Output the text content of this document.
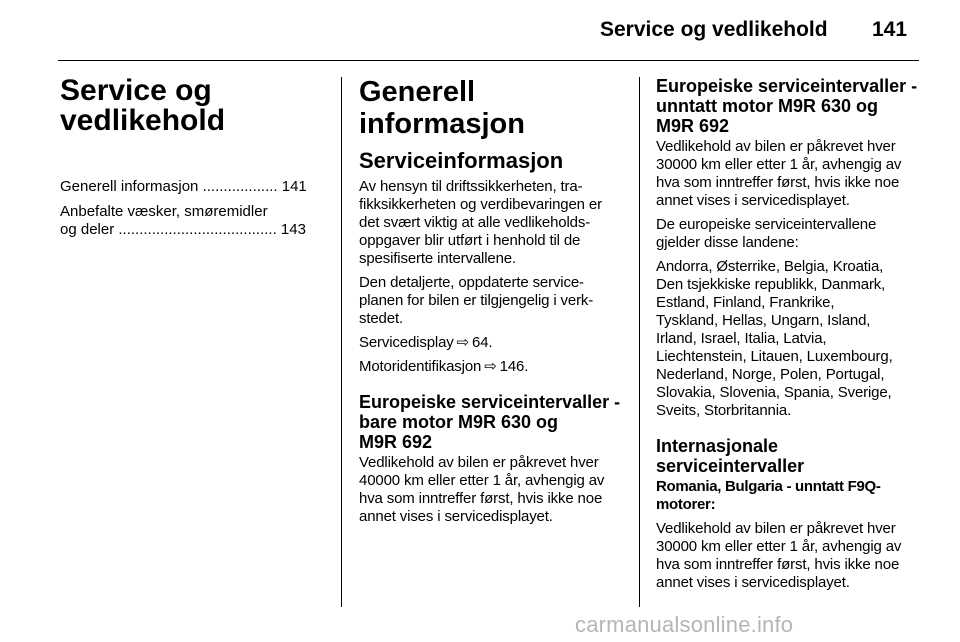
Service og vedlikehold 141
Service og
vedlikehold

Generell informasjon .................. 141

Anbefalte væsker, smøremidler
og deler ...................................... 143

Generell informasjon
Serviceinformasjon

Av hensyn til driftssikkerheten, tra-
fikksikkerheten og verdibevaringen er
det svært viktig at alle vedlikeholds-
oppgaver blir utført i henhold til de
spesifiserte intervallene.

Den detaljerte, oppdaterte service-
planen for bilen er tilgjengelig i verk-
stedet.

Servicedisplay ⇨ 64.

Motoridentifikasjon ⇨ 146.

Europeiske serviceintervaller -
bare motor M9R 630 og
M9R 692

Vedlikehold av bilen er påkrevet hver
40000 km eller etter 1 år, avhengig av
hva som inntreffer først, hvis ikke noe
annet vises i servicedisplayet.

Europeiske serviceintervaller -
unntatt motor M9R 630 og
M9R 692

Vedlikehold av bilen er påkrevet hver
30000 km eller etter 1 år, avhengig av
hva som inntreffer først, hvis ikke noe
annet vises i servicedisplayet.

De europeiske serviceintervallene
gjelder disse landene:

Andorra, Østerrike, Belgia, Kroatia,
Den tsjekkiske republikk, Danmark,
Estland, Finland, Frankrike,
Tyskland, Hellas, Ungarn, Island,
Irland, Israel, Italia, Latvia,
Liechtenstein, Litauen, Luxembourg,
Nederland, Norge, Polen, Portugal,
Slovakia, Slovenia, Spania, Sverige,
Sveits, Storbritannia.

Internasjonale serviceintervaller
Romania, Bulgaria - unntatt F9Q-
motorer:

Vedlikehold av bilen er påkrevet hver
30000 km eller etter 1 år, avhengig av
hva som inntreffer først, hvis ikke noe
annet vises i servicedisplayet.

carmanualsonline.info
